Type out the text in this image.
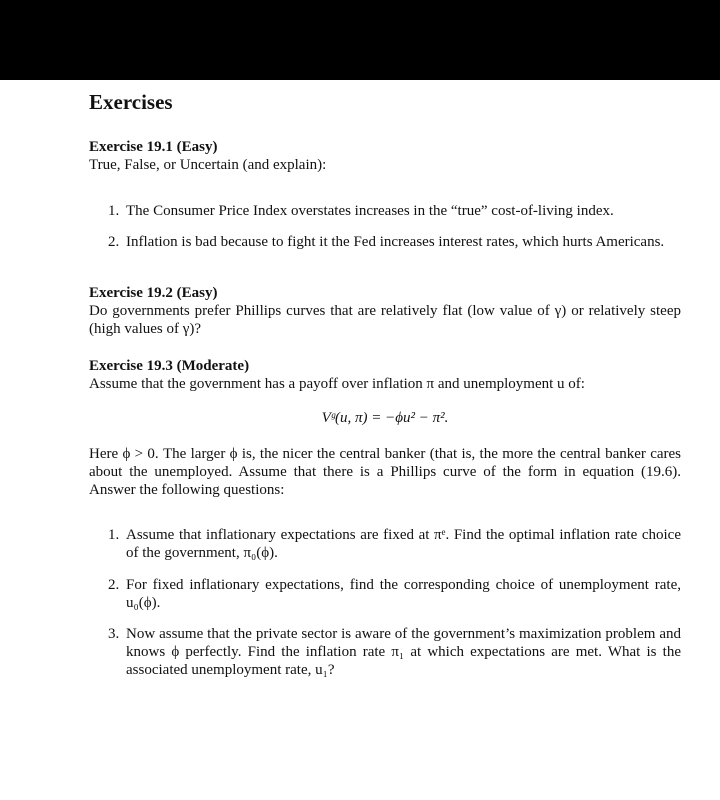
Exercises
Exercise 19.1 (Easy)
True, False, or Uncertain (and explain):
1. The Consumer Price Index overstates increases in the “true” cost-of-living index.
2. Inflation is bad because to fight it the Fed increases interest rates, which hurts Americans.
Exercise 19.2 (Easy)
Do governments prefer Phillips curves that are relatively flat (low value of γ) or relatively steep (high values of γ)?
Exercise 19.3 (Moderate)
Assume that the government has a payoff over inflation π and unemployment u of:
Vᵍ(u, π) = −ϕu² − π².
Here ϕ > 0. The larger ϕ is, the nicer the central banker (that is, the more the central banker cares about the unemployed. Assume that there is a Phillips curve of the form in equation (19.6). Answer the following questions:
1. Assume that inflationary expectations are fixed at πᵉ. Find the optimal inflation rate choice of the government, π₀(ϕ).
2. For fixed inflationary expectations, find the corresponding choice of unemployment rate, u₀(ϕ).
3. Now assume that the private sector is aware of the government’s maximization problem and knows ϕ perfectly. Find the inflation rate π₁ at which expectations are met. What is the associated unemployment rate, u₁?
